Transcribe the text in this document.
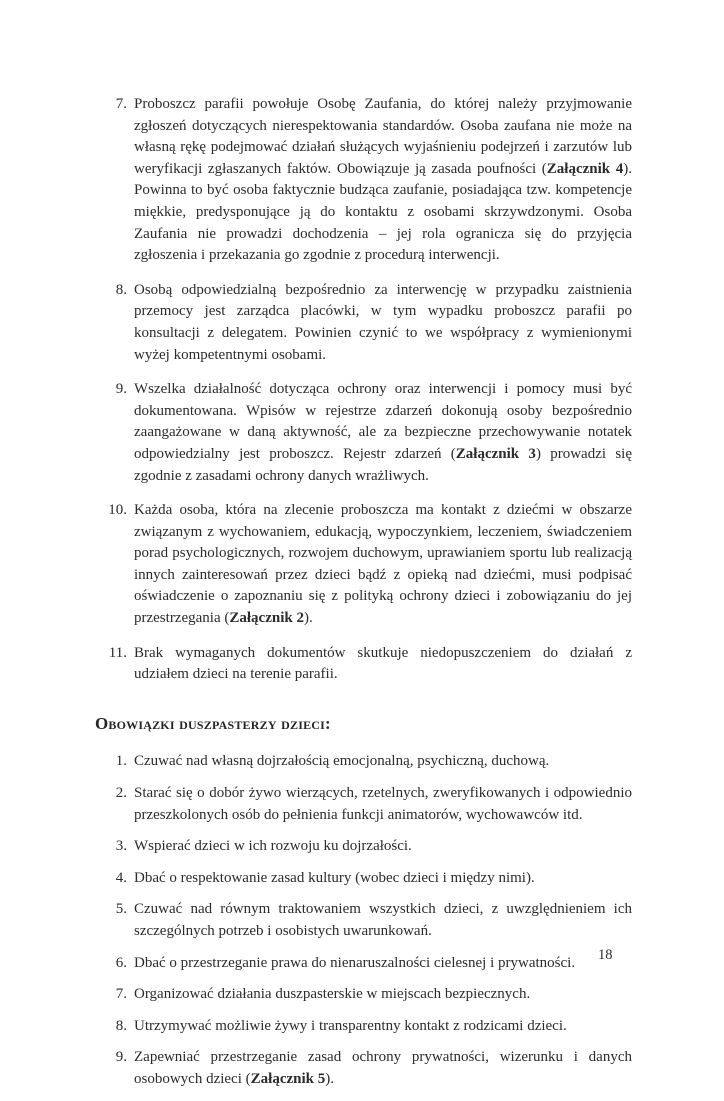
7. Proboszcz parafii powołuje Osobę Zaufania, do której należy przyjmowanie zgłoszeń dotyczących nierespektowania standardów. Osoba zaufana nie może na własną rękę podejmować działań służących wyjaśnieniu podejrzeń i zarzutów lub weryfikacji zgłaszanych faktów. Obowiązuje ją zasada poufności (Załącznik 4). Powinna to być osoba faktycznie budząca zaufanie, posiadająca tzw. kompetencje miękkie, predysponujące ją do kontaktu z osobami skrzywdzonymi. Osoba Zaufania nie prowadzi dochodzenia – jej rola ogranicza się do przyjęcia zgłoszenia i przekazania go zgodnie z procedurą interwencji.
8. Osobą odpowiedzialną bezpośrednio za interwencję w przypadku zaistnienia przemocy jest zarządca placówki, w tym wypadku proboszcz parafii po konsultacji z delegatem. Powinien czynić to we współpracy z wymienionymi wyżej kompetentnymi osobami.
9. Wszelka działalność dotycząca ochrony oraz interwencji i pomocy musi być dokumentowana. Wpisów w rejestrze zdarzeń dokonują osoby bezpośrednio zaangażowane w daną aktywność, ale za bezpieczne przechowywanie notatek odpowiedzialny jest proboszcz. Rejestr zdarzeń (Załącznik 3) prowadzi się zgodnie z zasadami ochrony danych wrażliwych.
10. Każda osoba, która na zlecenie proboszcza ma kontakt z dziećmi w obszarze związanym z wychowaniem, edukacją, wypoczynkiem, leczeniem, świadczeniem porad psychologicznych, rozwojem duchowym, uprawianiem sportu lub realizacją innych zainteresowań przez dzieci bądź z opieką nad dziećmi, musi podpisać oświadczenie o zapoznaniu się z polityką ochrony dzieci i zobowiązaniu do jej przestrzegania (Załącznik 2).
11. Brak wymaganych dokumentów skutkuje niedopuszczeniem do działań z udziałem dzieci na terenie parafii.
Obowiązki duszpasterzy dzieci:
1. Czuwać nad własną dojrzałością emocjonalną, psychiczną, duchową.
2. Starać się o dobór żywo wierzących, rzetelnych, zweryfikowanych i odpowiednio przeszkolonych osób do pełnienia funkcji animatorów, wychowawców itd.
3. Wspierać dzieci w ich rozwoju ku dojrzałości.
4. Dbać o respektowanie zasad kultury (wobec dzieci i między nimi).
5. Czuwać nad równym traktowaniem wszystkich dzieci, z uwzględnieniem ich szczególnych potrzeb i osobistych uwarunkowań.
6. Dbać o przestrzeganie prawa do nienaruszalności cielesnej i prywatności.
7. Organizować działania duszpasterskie w miejscach bezpiecznych.
8. Utrzymywać możliwie żywy i transparentny kontakt z rodzicami dzieci.
9. Zapewniać przestrzeganie zasad ochrony prywatności, wizerunku i danych osobowych dzieci (Załącznik 5).
18
